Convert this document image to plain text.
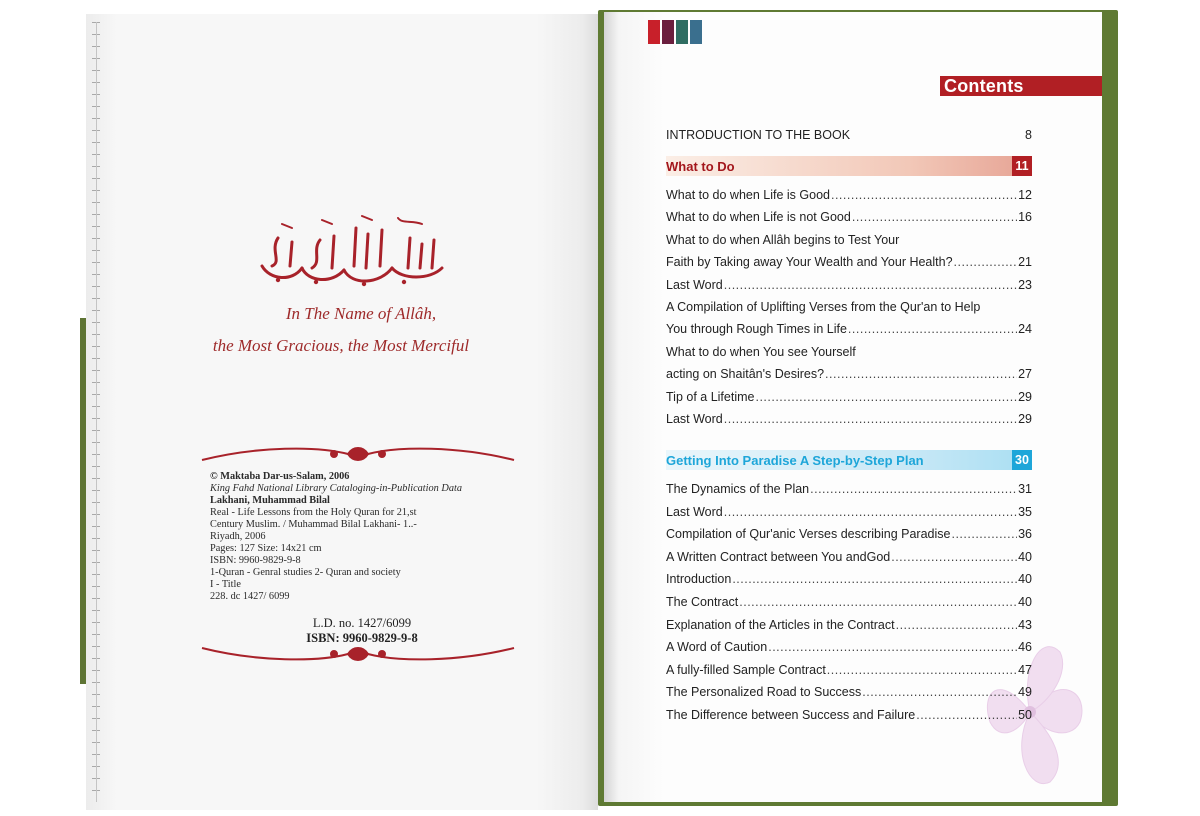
In The Name of Allâh,
the Most Gracious, the Most Merciful
© Maktaba Dar-us-Salam, 2006
King Fahd National Library Cataloging-in-Publication Data
Lakhani, Muhammad Bilal
Real - Life Lessons from the Holy Quran for 21,st
Century Muslim. / Muhammad Bilal Lakhani- 1..-
Riyadh, 2006
Pages: 127 Size: 14x21 cm
ISBN: 9960-9829-9-8
1-Quran - Genral studies 2- Quran and society
I - Title
228. dc 1427/ 6099
L.D. no. 1427/6099
ISBN: 9960-9829-9-8
Contents
INTRODUCTION TO THE BOOK	8
What to Do	11
What to do when Life is Good .....	12
What to do when Life is not Good .....	16
What to do when Allâh begins to Test Your
Faith by Taking away Your Wealth and Your Health? .....	21
Last Word .....	23
A Compilation of Uplifting Verses from the Qur'an to Help
You through Rough Times in Life .....	24
What to do when You see Yourself
acting on Shaitân's Desires? .....	27
Tip of a Lifetime .....	29
Last Word .....	29
Getting Into Paradise A Step-by-Step Plan	30
The Dynamics of the Plan .....	31
Last Word .....	35
Compilation of Qur'anic Verses describing Paradise .....	36
A Written Contract between You andGod .....	40
Introduction .....	40
The Contract .....	40
Explanation of the Articles in the Contract .....	43
A Word of Caution .....	46
A fully-filled Sample Contract .....	47
The Personalized Road to Success .....	49
The Difference between Success and Failure .....	50
